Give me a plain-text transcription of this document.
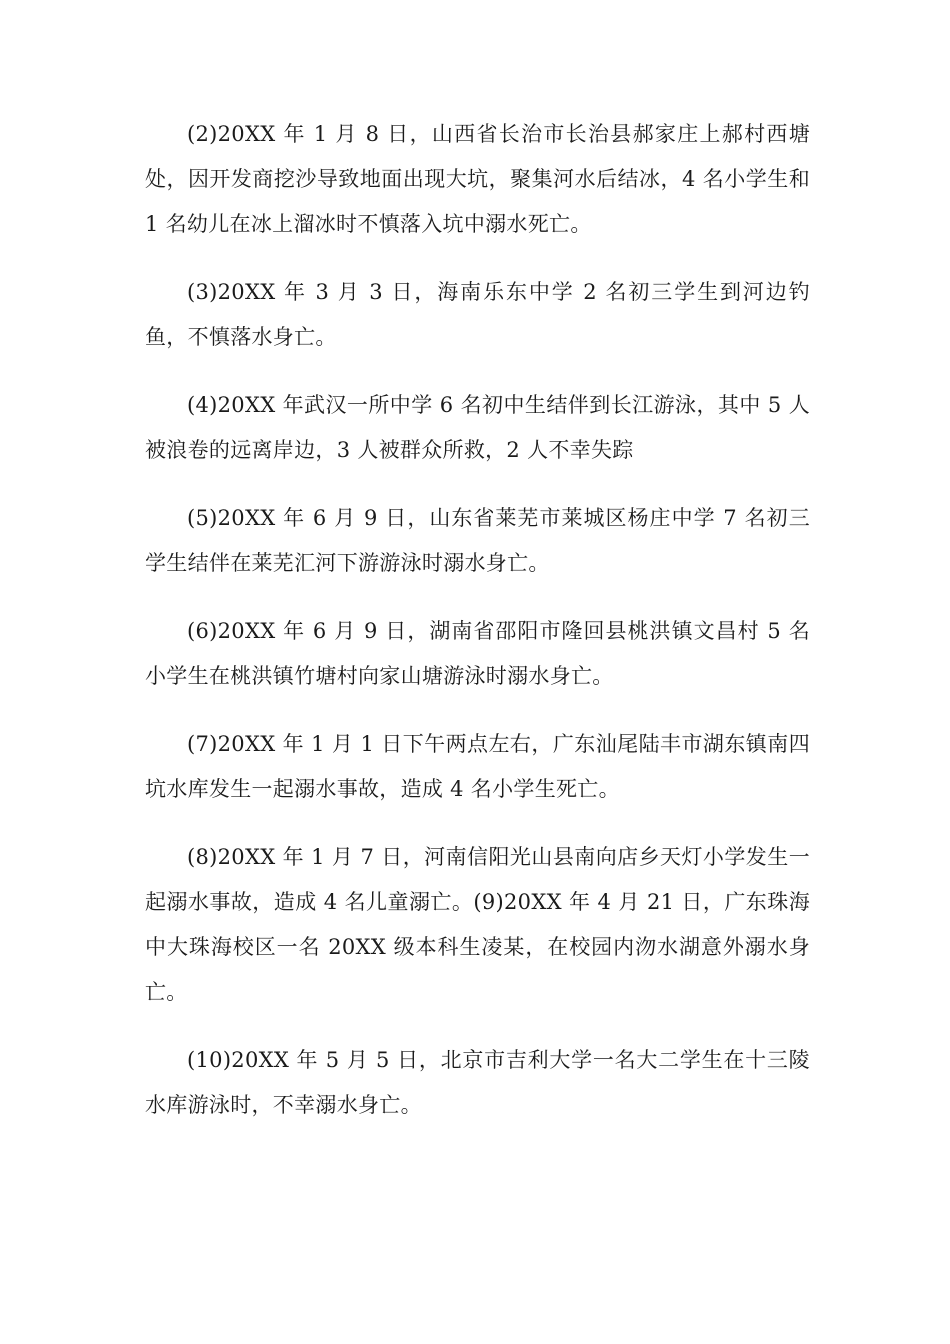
(2)20XX 年 1 月 8 日，山西省长治市长治县郝家庄上郝村西塘处，因开发商挖沙导致地面出现大坑，聚集河水后结冰，4 名小学生和 1 名幼儿在冰上溜冰时不慎落入坑中溺水死亡。

(3)20XX 年 3 月 3 日，海南乐东中学 2 名初三学生到河边钓鱼，不慎落水身亡。

(4)20XX 年武汉一所中学 6 名初中生结伴到长江游泳，其中 5 人被浪卷的远离岸边，3 人被群众所救，2 人不幸失踪

(5)20XX 年 6 月 9 日，山东省莱芜市莱城区杨庄中学 7 名初三学生结伴在莱芜汇河下游游泳时溺水身亡。

(6)20XX 年 6 月 9 日，湖南省邵阳市隆回县桃洪镇文昌村 5 名小学生在桃洪镇竹塘村向家山塘游泳时溺水身亡。

(7)20XX 年 1 月 1 日下午两点左右，广东汕尾陆丰市湖东镇南四坑水库发生一起溺水事故，造成 4 名小学生死亡。

(8)20XX 年 1 月 7 日，河南信阳光山县南向店乡天灯小学发生一起溺水事故，造成 4 名儿童溺亡。(9)20XX 年 4 月 21 日，广东珠海中大珠海校区一名 20XX 级本科生凌某，在校园内沕水湖意外溺水身亡。

(10)20XX 年 5 月 5 日，北京市吉利大学一名大二学生在十三陵水库游泳时，不幸溺水身亡。
